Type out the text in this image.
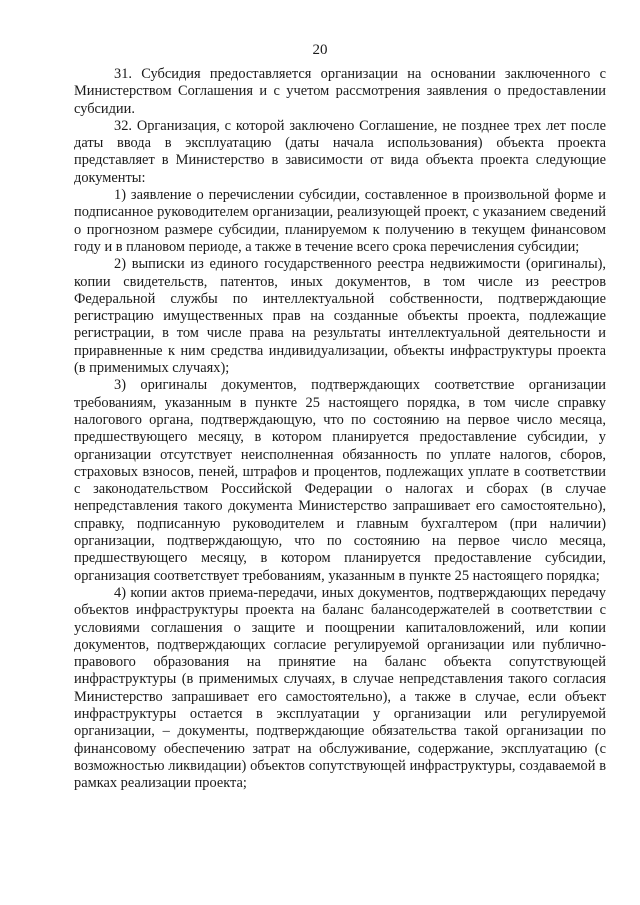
20

31. Субсидия предоставляется организации на основании заключенного с Министерством Соглашения и с учетом рассмотрения заявления о предоставлении субсидии.

32. Организация, с которой заключено Соглашение, не позднее трех лет после даты ввода в эксплуатацию (даты начала использования) объекта проекта представляет в Министерство в зависимости от вида объекта проекта следующие документы:

1) заявление о перечислении субсидии, составленное в произвольной форме и подписанное руководителем организации, реализующей проект, с указанием сведений о прогнозном размере субсидии, планируемом к получению в текущем финансовом году и в плановом периоде, а также в течение всего срока перечисления субсидии;

2) выписки из единого государственного реестра недвижимости (оригиналы), копии свидетельств, патентов, иных документов, в том числе из реестров Федеральной службы по интеллектуальной собственности, подтверждающие регистрацию имущественных прав на созданные объекты проекта, подлежащие регистрации, в том числе права на результаты интеллектуальной деятельности и приравненные к ним средства индивидуализации, объекты инфраструктуры проекта (в применимых случаях);

3) оригиналы документов, подтверждающих соответствие организации требованиям, указанным в пункте 25 настоящего порядка, в том числе справку налогового органа, подтверждающую, что по состоянию на первое число месяца, предшествующего месяцу, в котором планируется предоставление субсидии, у организации отсутствует неисполненная обязанность по уплате налогов, сборов, страховых взносов, пеней, штрафов и процентов, подлежащих уплате в соответствии с законодательством Российской Федерации о налогах и сборах (в случае непредставления такого документа Министерство запрашивает его самостоятельно), справку, подписанную руководителем и главным бухгалтером (при наличии) организации, подтверждающую, что по состоянию на первое число месяца, предшествующего месяцу, в котором планируется предоставление субсидии, организация соответствует требованиям, указанным в пункте 25 настоящего порядка;

4) копии актов приема-передачи, иных документов, подтверждающих передачу объектов инфраструктуры проекта на баланс балансодержателей в соответствии с условиями соглашения о защите и поощрении капиталовложений, или копии документов, подтверждающих согласие регулируемой организации или публично-правового образования на принятие на баланс объекта сопутствующей инфраструктуры (в применимых случаях, в случае непредставления такого согласия Министерство запрашивает его самостоятельно), а также в случае, если объект инфраструктуры остается в эксплуатации у организации или регулируемой организации, – документы, подтверждающие обязательства такой организации по финансовому обеспечению затрат на обслуживание, содержание, эксплуатацию (с возможностью ликвидации) объектов сопутствующей инфраструктуры, создаваемой в рамках реализации проекта;
